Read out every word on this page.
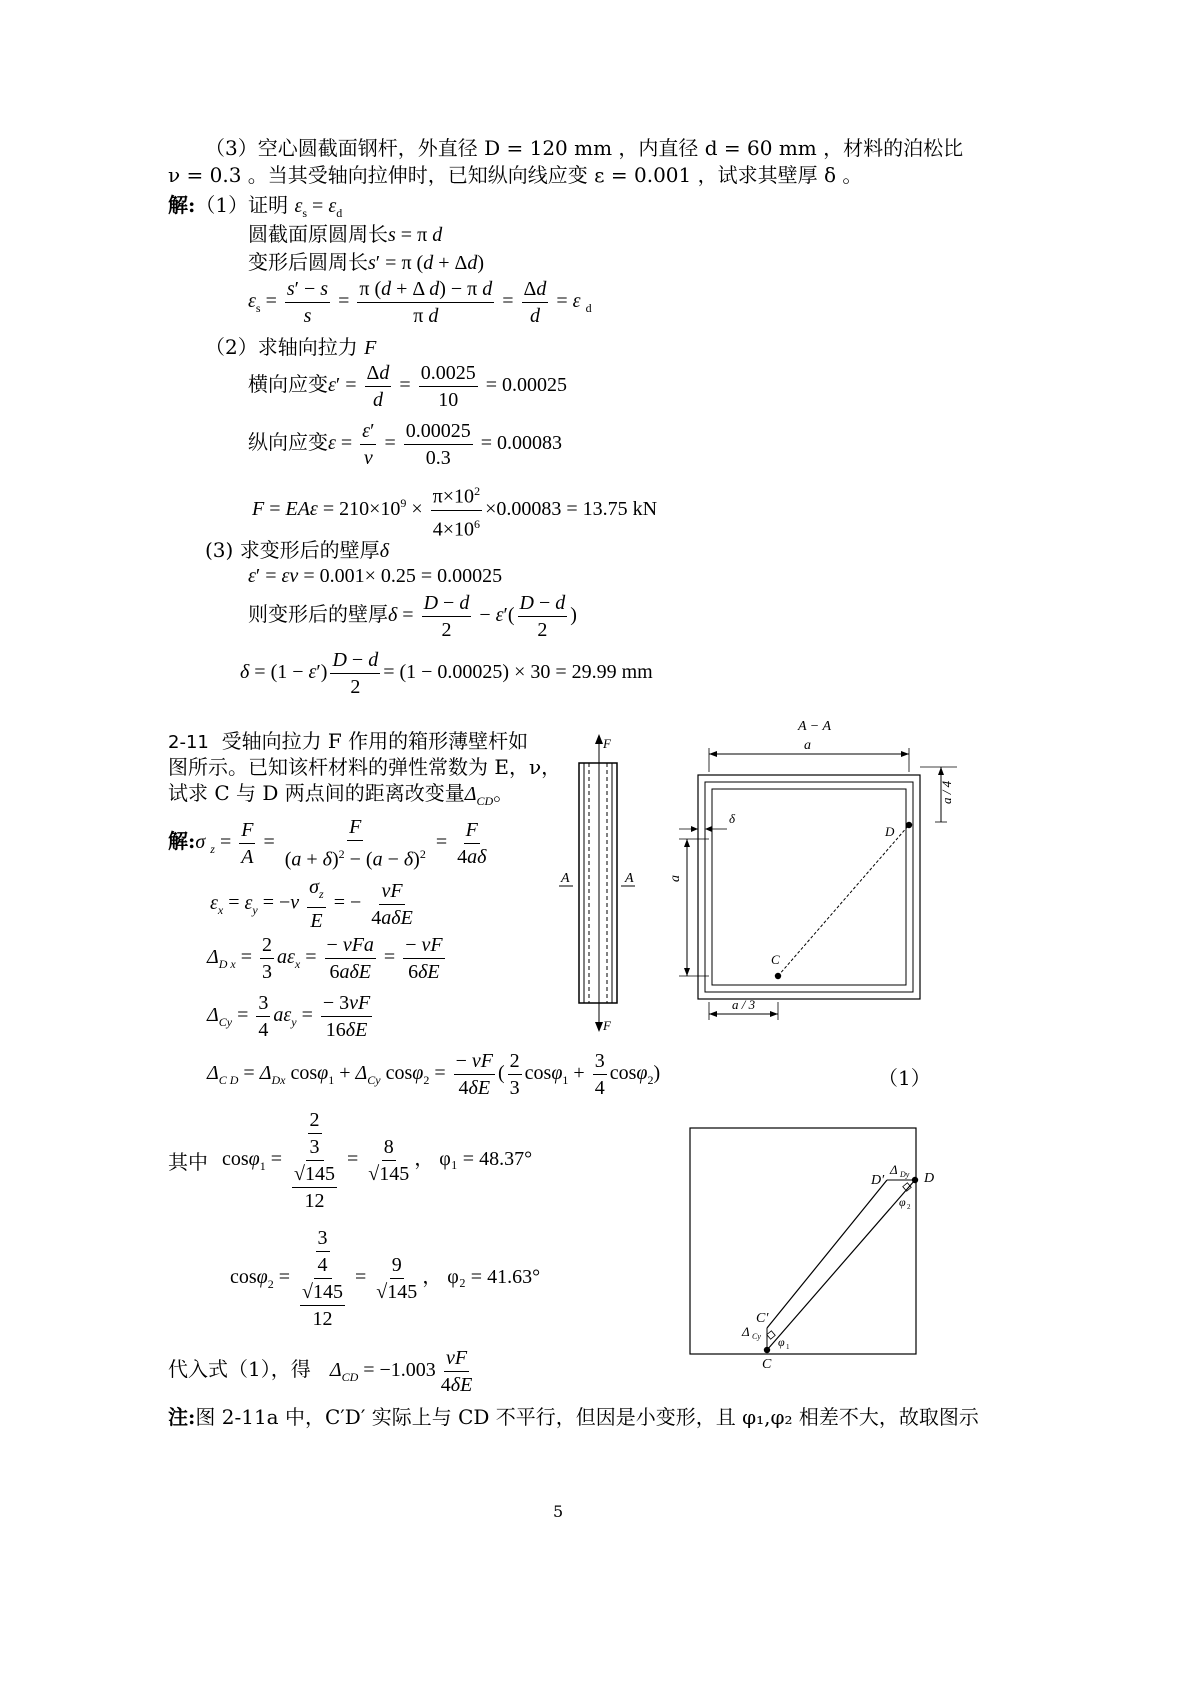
（3）空心圆截面钢杆，外直径 D = 120 mm ，内直径 d = 60 mm ，材料的泊松比
ν = 0.3 。当其受轴向拉伸时，已知纵向线应变 ε = 0.001 ，试求其壁厚 δ 。
解:（1）证明 $\varepsilon_s = \varepsilon_d$
圆截面原圆周长s = π d
变形后圆周长s′ = π (d + Δd)
$\varepsilon_s = \frac{s' - s}{s} = \frac{\text{π (d + Δ d) − π d}}{\text{π d}} = \frac{\Delta d}{d} = \varepsilon$ $_d$
（2）求轴向拉力 F
横向应变$\varepsilon' = \frac{\Delta d}{d} = \frac{0.0025}{10} = 0.00025$
纵向应变$\varepsilon = \frac{\varepsilon'}{\nu} = \frac{0.00025}{0.3} = 0.00083$
$F = EA\varepsilon = 210\times 10^9 \times \frac{\pi\times 10^2}{4\times 10^6} \times 0.00083 = 13.75$ kN
(3) 求变形后的壁厚δ
ε′ = εν = 0.001× 0.25 = 0.00025
则变形后的壁厚$\delta = \frac{D - d}{2} - \varepsilon'( \frac{D - d}{2}$ )
$\delta = (1 - \varepsilon') \frac{D - d}{2} = (1 - 0.00025) \times 30 = 29.99$ mm
2-11 受轴向拉力 F 作用的箱形薄壁杆如
图所示。已知该杆材料的弹性常数为 E，ν，
试求 C 与 D 两点间的距离改变量$\Delta_{CD}$。
解:σ $_z = \frac{F}{A} = \frac{F}{(a + \delta)^2 - (a - \delta)^2} = \frac{F}{4a\delta}$
$\varepsilon_x = \varepsilon_y = -\nu \frac{\sigma_z}{E}$ = − $\frac{\nu F}{\text{4aδE}}$
$\Delta_{D x} = \frac{2}{3} a\varepsilon_x = \frac{\text{− νFa}}{\text{6aδE}} = \frac{- \nu F}{6\delta E}$
$\Delta_{Cy} = \frac{3}{4} a\varepsilon_y = \frac{- 3\nu F}{16\delta E}$
$\Delta_{C D} = \Delta_{Dx}$ $\cos\varphi_1 + \Delta_{Cy}$ $\cos\varphi_2 = \frac{- \nu F}{4\delta E}$ ( $\frac{2}{3} \cos\varphi_1 + \frac{3}{4} \cos\varphi_2$)	（1）
其中 $\cos\varphi_1 = \frac{\frac{2}{3}}{\frac{√145}{12}} = \frac{8}{√145}$ ， φ₁ = 48.37°
$\cos\varphi_2 = \frac{\frac{3}{4}}{\frac{√145}{12}} = \frac{9}{√145}$ ， φ₂ = 41.63°
代入式（1），得 $\Delta_{CD} = -1.003 \frac{\nu F}{4\delta E}$
注:图 2-11a 中，C′D′ 实际上与 CD 不平行，但因是小变形，且 φ₁,φ₂ 相差不大，故取图示
F
F
A	A
A − A
a
a / 4
a
δ
C
D
a / 3
C
C′
D
D′
Δ Cy
Δ Dy
φ 1
φ 2
5
